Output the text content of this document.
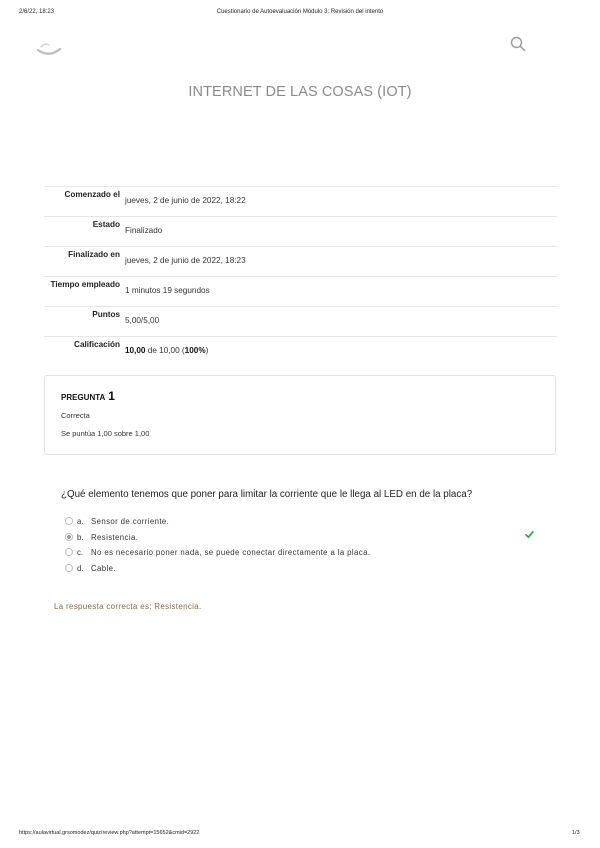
2/6/22, 18:23	Cuestionario de Autoevaluación Módulo 3: Revisión del intento
INTERNET DE LAS COSAS (IOT)
Comenzado el	jueves, 2 de junio de 2022, 18:22
Estado	Finalizado
Finalizado en	jueves, 2 de junio de 2022, 18:23
Tiempo empleado	1 minutos 19 segundos
Puntos	5,00/5,00
Calificación	10,00 de 10,00 (100%)
PREGUNTA 1
Correcta
Se puntúa 1,00 sobre 1,00
¿Qué elemento tenemos que poner para limitar la corriente que le llega al LED en de la placa?
a. Sensor de corriente.
b. Resistencia.
c. No es necesario poner nada, se puede conectar directamente a la placa.
d. Cable.
La respuesta correcta es: Resistencia.
https://aulavirtual.grsomodez/quiz/review.php?attempt=15652&cmid=2922	1/3
